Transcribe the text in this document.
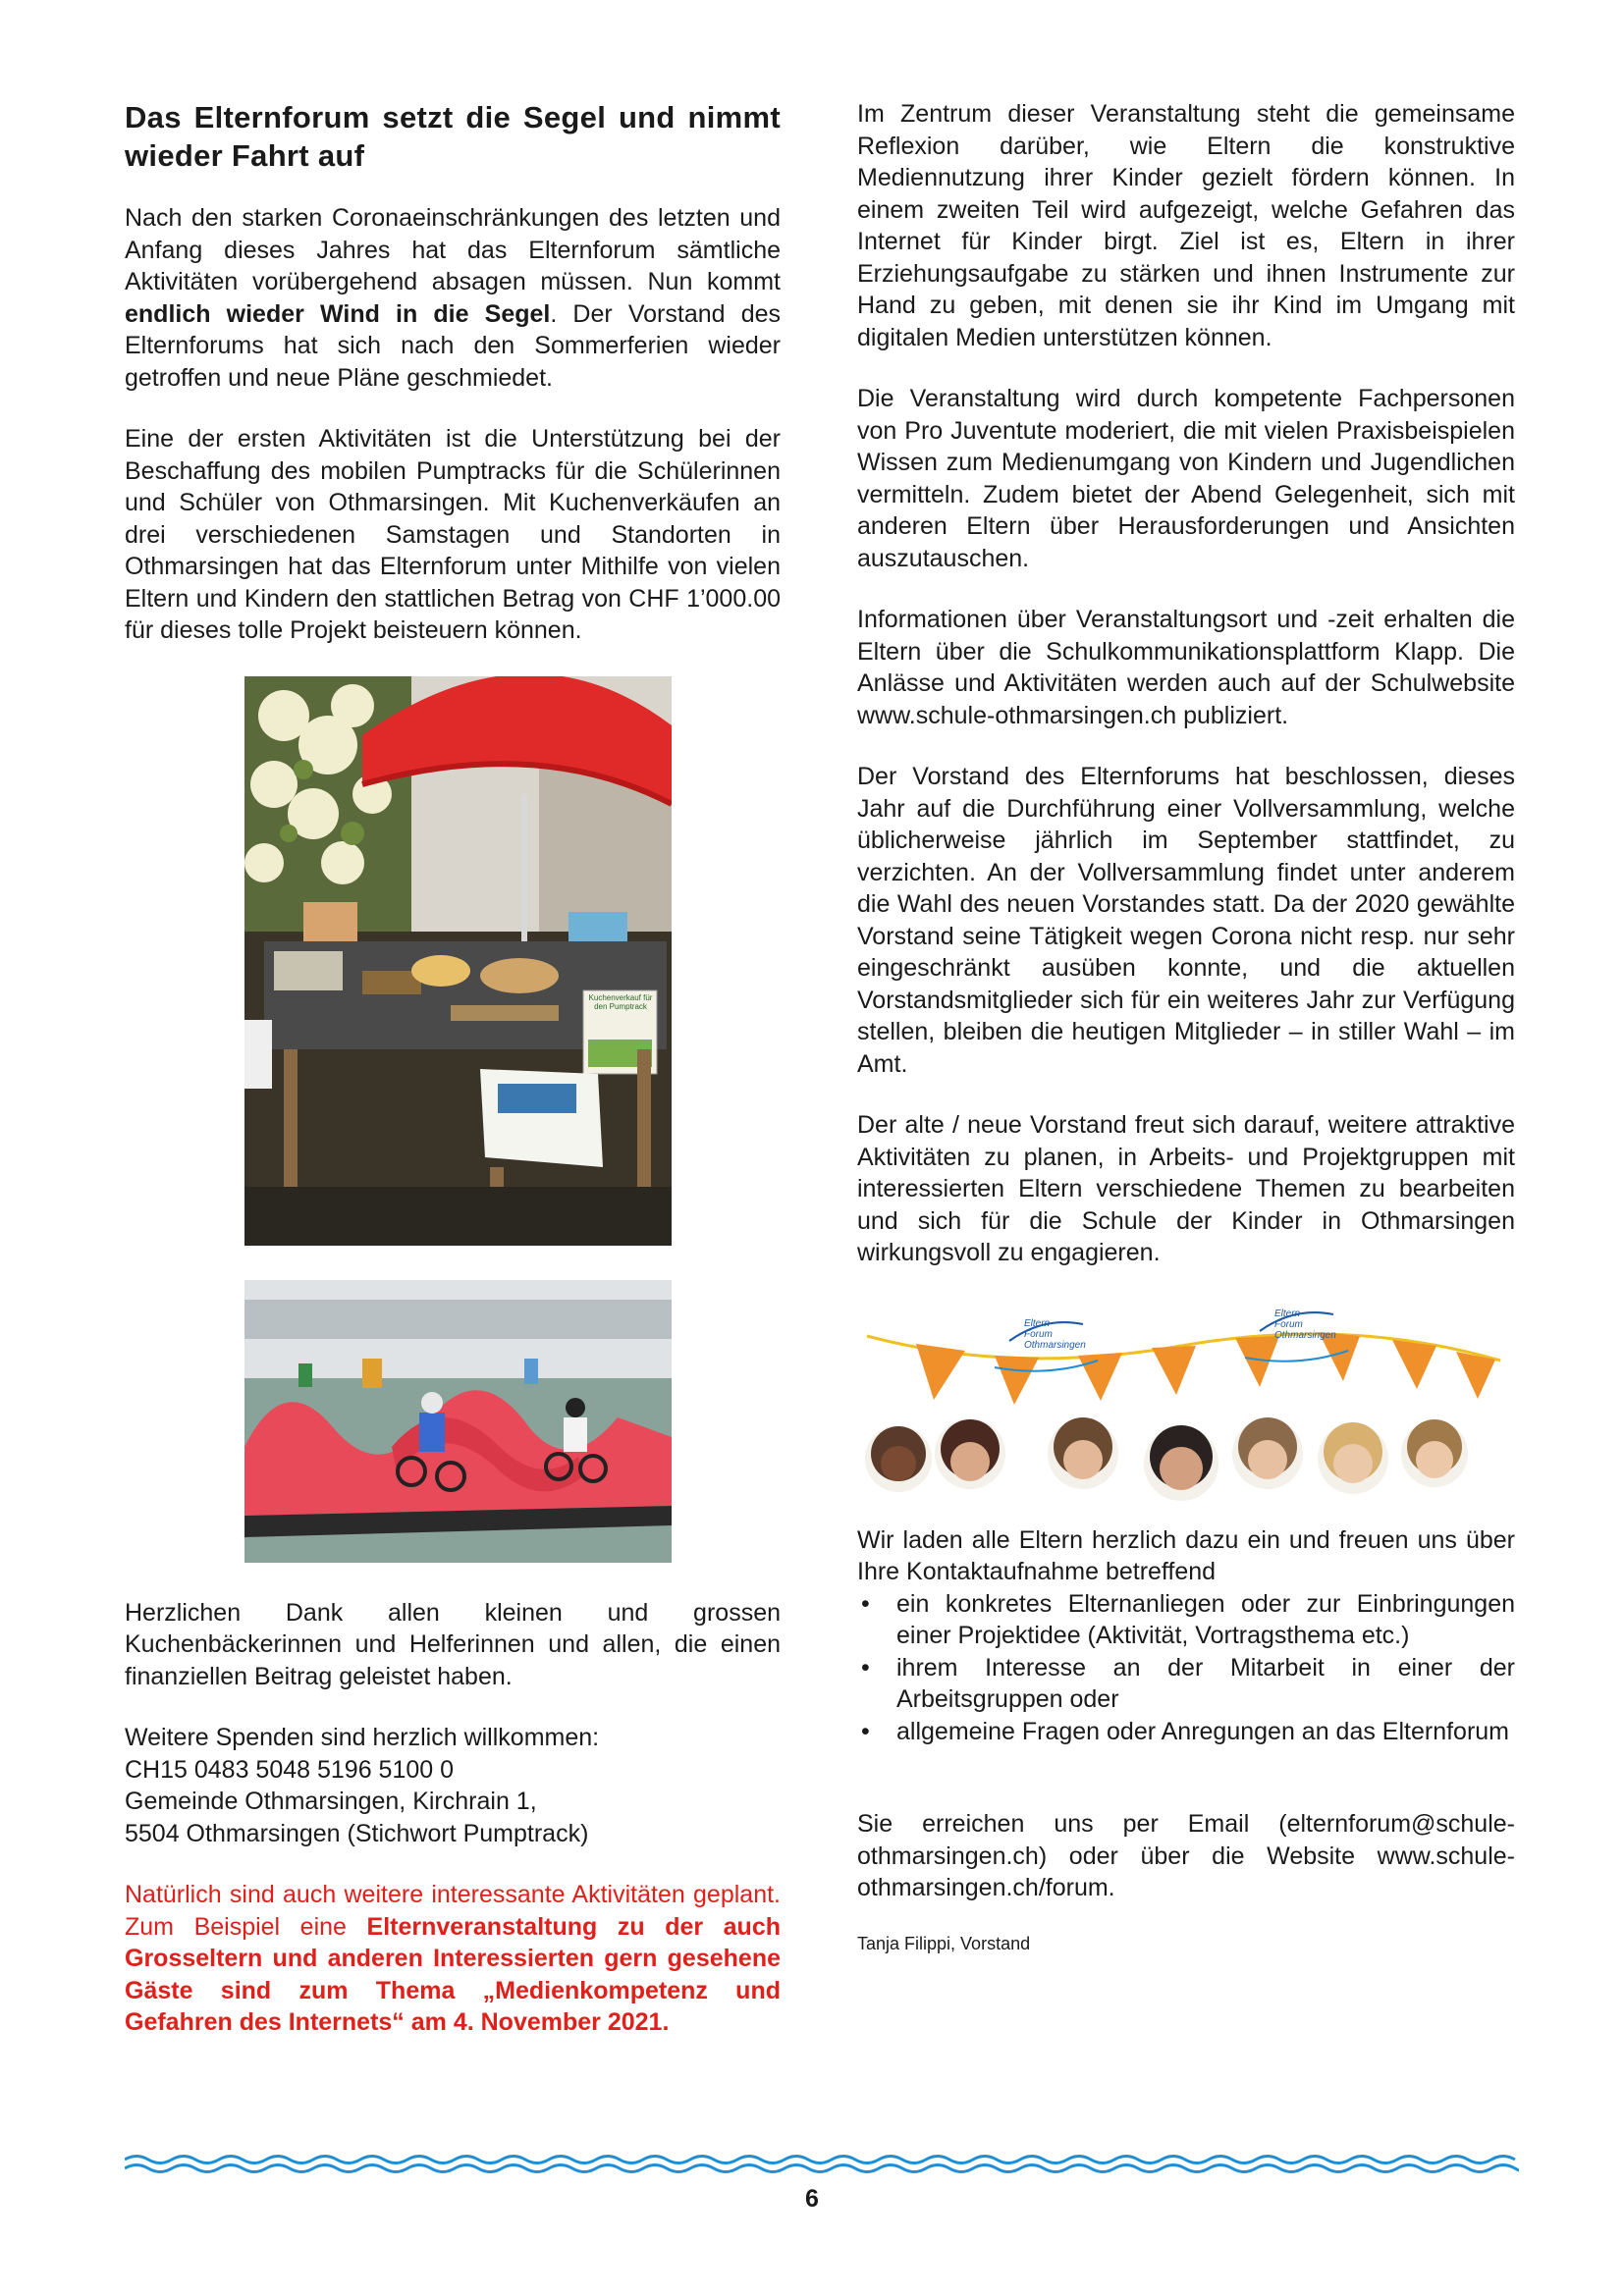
Das Elternforum setzt die Segel und nimmt wieder Fahrt auf

Nach den starken Coronaeinschränkungen des letzten und Anfang dieses Jahres hat das Elternforum sämtliche Aktivitäten vorübergehend absagen müssen. Nun kommt endlich wieder Wind in die Segel. Der Vorstand des Elternforums hat sich nach den Sommerferien wieder getroffen und neue Pläne geschmiedet.

Eine der ersten Aktivitäten ist die Unterstützung bei der Beschaffung des mobilen Pumptracks für die Schülerinnen und Schüler von Othmarsingen. Mit Kuchenverkäufen an drei verschiedenen Samstagen und Standorten in Othmarsingen hat das Elternforum unter Mithilfe von vielen Eltern und Kindern den stattlichen Betrag von CHF 1’000.00 für dieses tolle Projekt beisteuern können.

Kuchenverkauf für den Pumptrack

Herzlichen Dank allen kleinen und grossen Kuchenbäckerinnen und Helferinnen und allen, die einen finanziellen Beitrag geleistet haben.

Weitere Spenden sind herzlich willkommen:
CH15 0483 5048 5196 5100 0
Gemeinde Othmarsingen, Kirchrain 1,
5504 Othmarsingen (Stichwort Pumptrack)

Natürlich sind auch weitere interessante Aktivitäten geplant. Zum Beispiel eine Elternveranstaltung zu der auch Grosseltern und anderen Interessierten gern gesehene Gäste sind zum Thema „Medienkompetenz und Gefahren des Internets“ am 4. November 2021.

Im Zentrum dieser Veranstaltung steht die gemeinsame Reflexion darüber, wie Eltern die konstruktive Mediennutzung ihrer Kinder gezielt fördern können. In einem zweiten Teil wird aufgezeigt, welche Gefahren das Internet für Kinder birgt. Ziel ist es, Eltern in ihrer Erziehungsaufgabe zu stärken und ihnen Instrumente zur Hand zu geben, mit denen sie ihr Kind im Umgang mit digitalen Medien unterstützen können.

Die Veranstaltung wird durch kompetente Fachpersonen von Pro Juventute moderiert, die mit vielen Praxisbeispielen Wissen zum Medienumgang von Kindern und Jugendlichen vermitteln. Zudem bietet der Abend Gelegenheit, sich mit anderen Eltern über Herausforderungen und Ansichten auszutauschen.

Informationen über Veranstaltungsort und -zeit erhalten die Eltern über die Schulkommunikationsplattform Klapp. Die Anlässe und Aktivitäten werden auch auf der Schulwebsite www.schule-othmarsingen.ch publiziert.

Der Vorstand des Elternforums hat beschlossen, dieses Jahr auf die Durchführung einer Vollversammlung, welche üblicherweise jährlich im September stattfindet, zu verzichten. An der Vollversammlung findet unter anderem die Wahl des neuen Vorstandes statt. Da der 2020 gewählte Vorstand seine Tätigkeit wegen Corona nicht resp. nur sehr eingeschränkt ausüben konnte, und die aktuellen Vorstandsmitglieder sich für ein weiteres Jahr zur Verfügung stellen, bleiben die heutigen Mitglieder – in stiller Wahl – im Amt.

Der alte / neue Vorstand freut sich darauf, weitere attraktive Aktivitäten zu planen, in Arbeits- und Projektgruppen mit interessierten Eltern verschiedene Themen zu bearbeiten und sich für die Schule der Kinder in Othmarsingen wirkungsvoll zu engagieren.

Eltern
Forum
Othmarsingen
Eltern
Forum
Othmarsingen

Wir laden alle Eltern herzlich dazu ein und freuen uns über Ihre Kontaktaufnahme betreffend

• ein konkretes Elternanliegen oder zur Einbringungen einer Projektidee (Aktivität, Vortragsthema etc.)
• ihrem Interesse an der Mitarbeit in einer der Arbeitsgruppen oder
• allgemeine Fragen oder Anregungen an das Elternforum

Sie erreichen uns per Email (elternforum@schule-othmarsingen.ch) oder über die Website www.schule-othmarsingen.ch/forum.

Tanja Filippi, Vorstand
6
